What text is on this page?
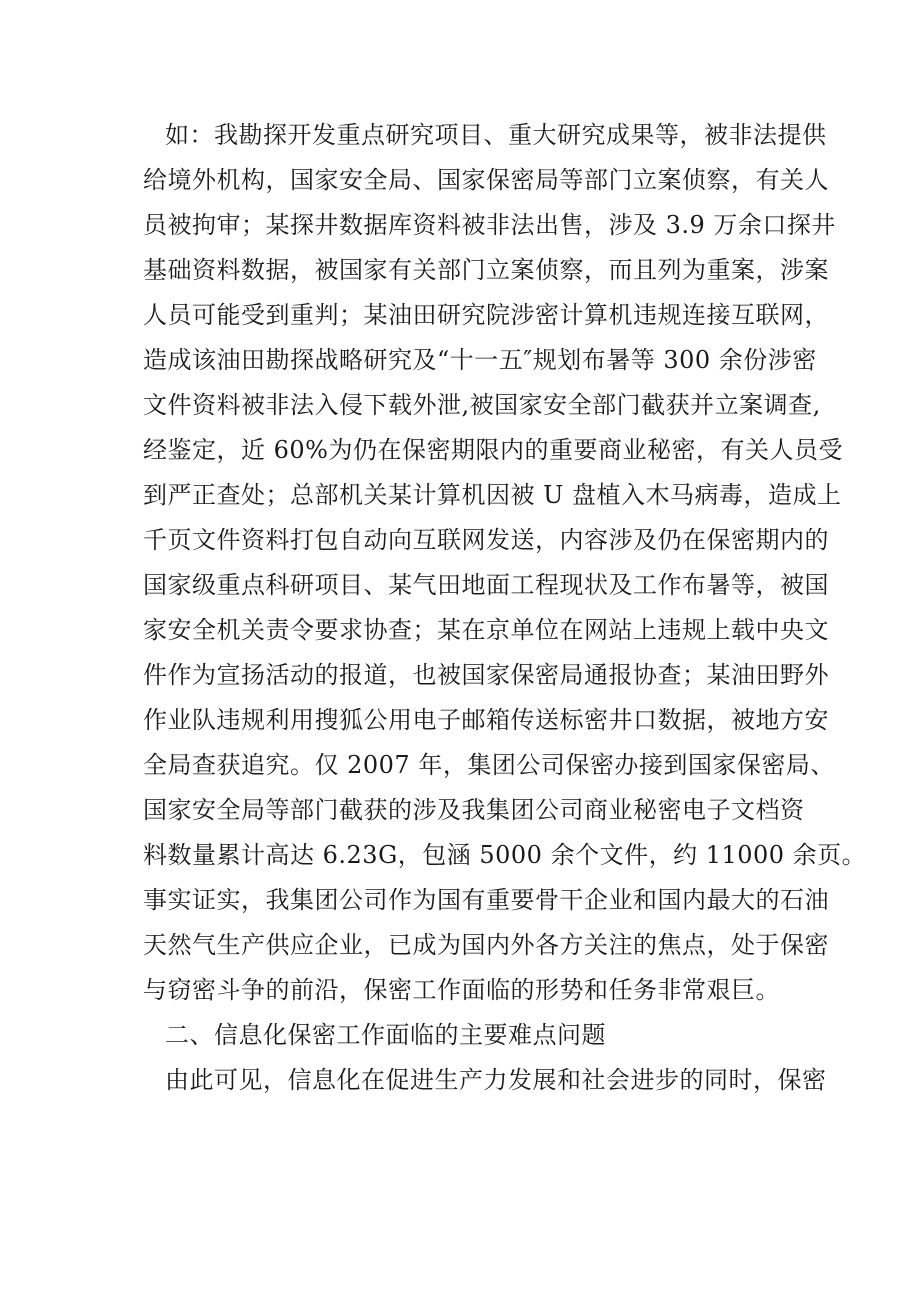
如：我勘探开发重点研究项目、重大研究成果等，被非法提供
给境外机构，国家安全局、国家保密局等部门立案侦察，有关人
员被拘审；某探井数据库资料被非法出售，涉及 3.9 万余口探井
基础资料数据，被国家有关部门立案侦察，而且列为重案，涉案
人员可能受到重判；某油田研究院涉密计算机违规连接互联网，
造成该油田勘探战略研究及“十一五″规划布暑等 300 余份涉密
文件资料被非法入侵下载外泄,被国家安全部门截获并立案调查,
经鉴定，近 60%为仍在保密期限内的重要商业秘密，有关人员受
到严正查处；总部机关某计算机因被 U 盘植入木马病毒，造成上
千页文件资料打包自动向互联网发送，内容涉及仍在保密期内的
国家级重点科研项目、某气田地面工程现状及工作布暑等，被国
家安全机关责令要求协查；某在京单位在网站上违规上载中央文
件作为宣扬活动的报道，也被国家保密局通报协查；某油田野外
作业队违规利用搜狐公用电子邮箱传送标密井口数据，被地方安
全局查获追究。仅 2007 年，集团公司保密办接到国家保密局、
国家安全局等部门截获的涉及我集团公司商业秘密电子文档资
料数量累计高达 6.23G，包涵 5000 余个文件，约 11000 余页。
事实证实，我集团公司作为国有重要骨干企业和国内最大的石油
天然气生产供应企业，已成为国内外各方关注的焦点，处于保密
与窃密斗争的前沿，保密工作面临的形势和任务非常艰巨。
二、信息化保密工作面临的主要难点问题
由此可见，信息化在促进生产力发展和社会进步的同时，保密
